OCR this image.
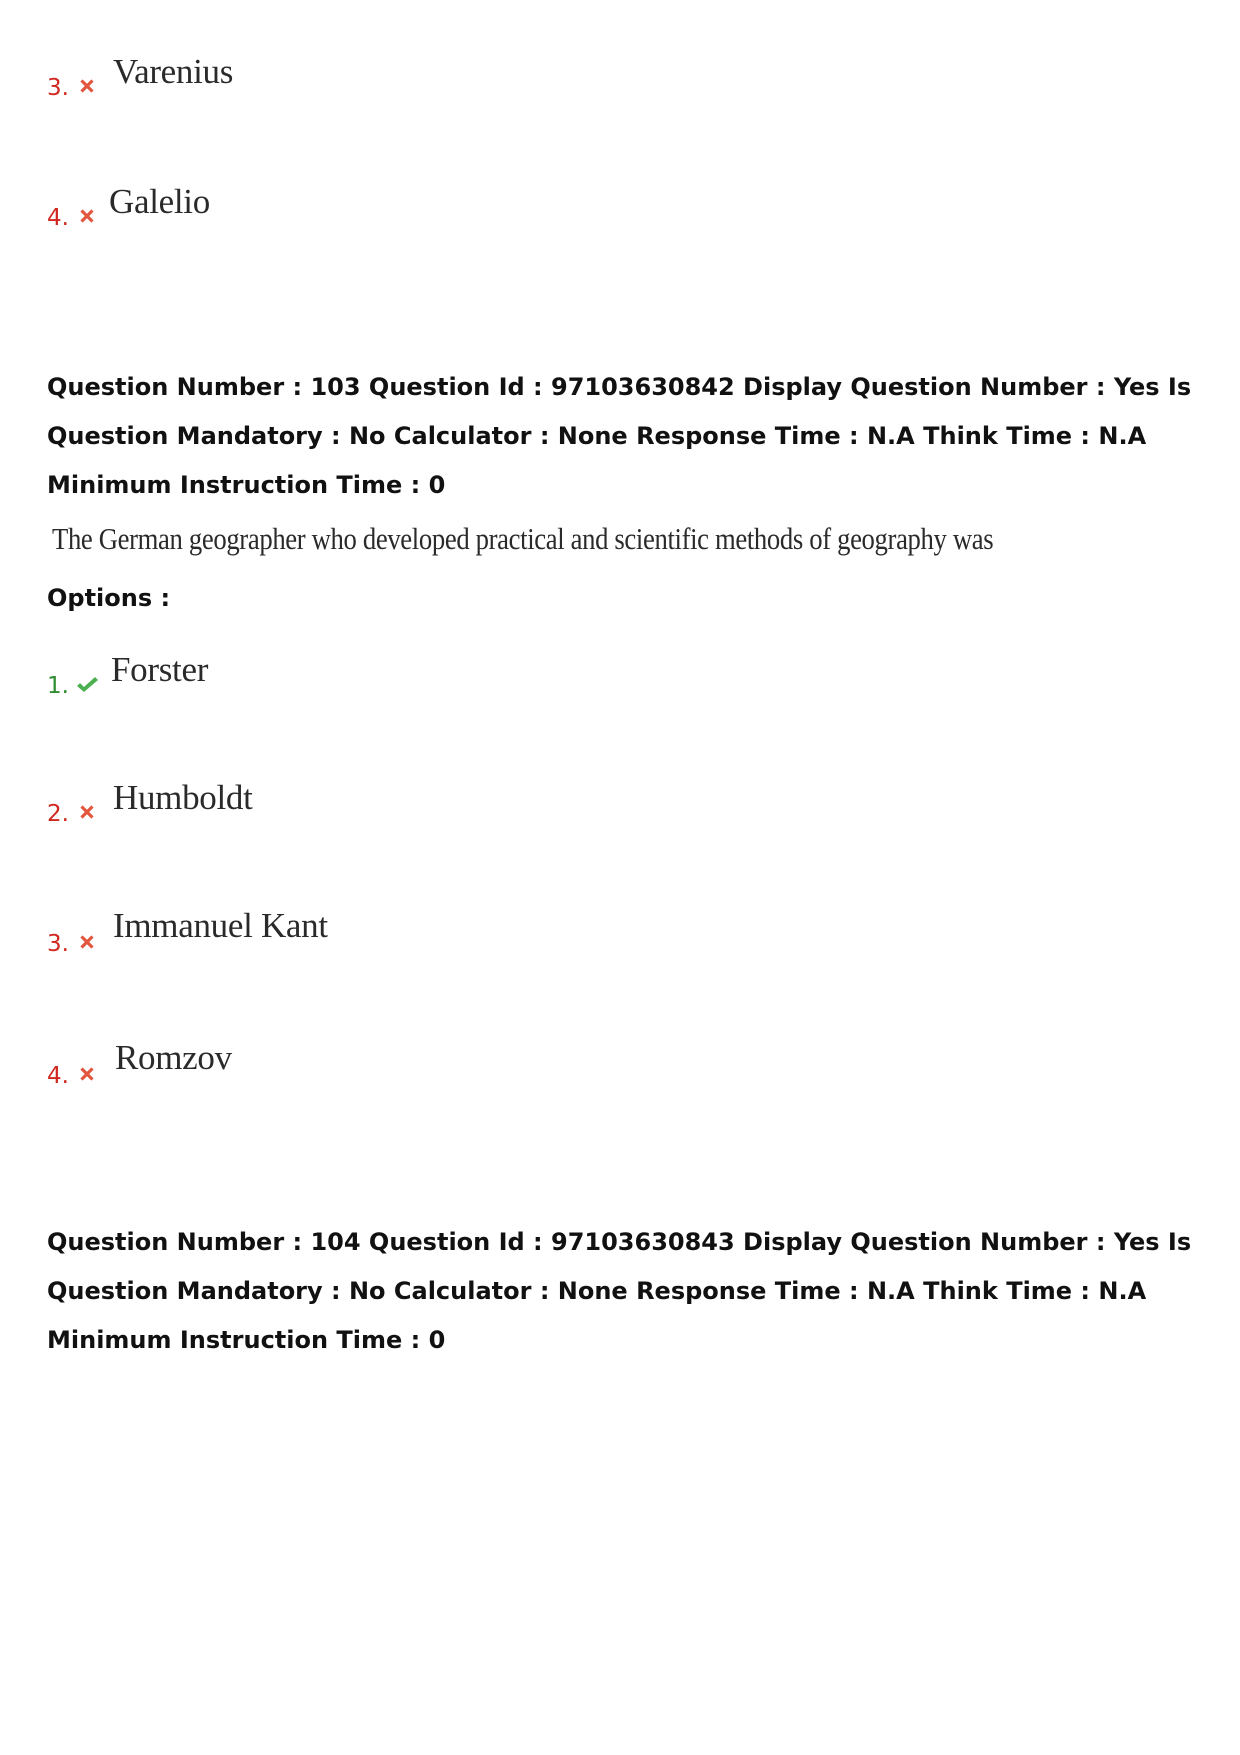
3. Varenius
4. Galelio
Question Number : 103 Question Id : 97103630842 Display Question Number : Yes Is Question Mandatory : No Calculator : None Response Time : N.A Think Time : N.A Minimum Instruction Time : 0
The German geographer who developed practical and scientific methods of geography was
Options :
1. Forster
2. Humboldt
3. Immanuel Kant
4. Romzov
Question Number : 104 Question Id : 97103630843 Display Question Number : Yes Is Question Mandatory : No Calculator : None Response Time : N.A Think Time : N.A Minimum Instruction Time : 0
